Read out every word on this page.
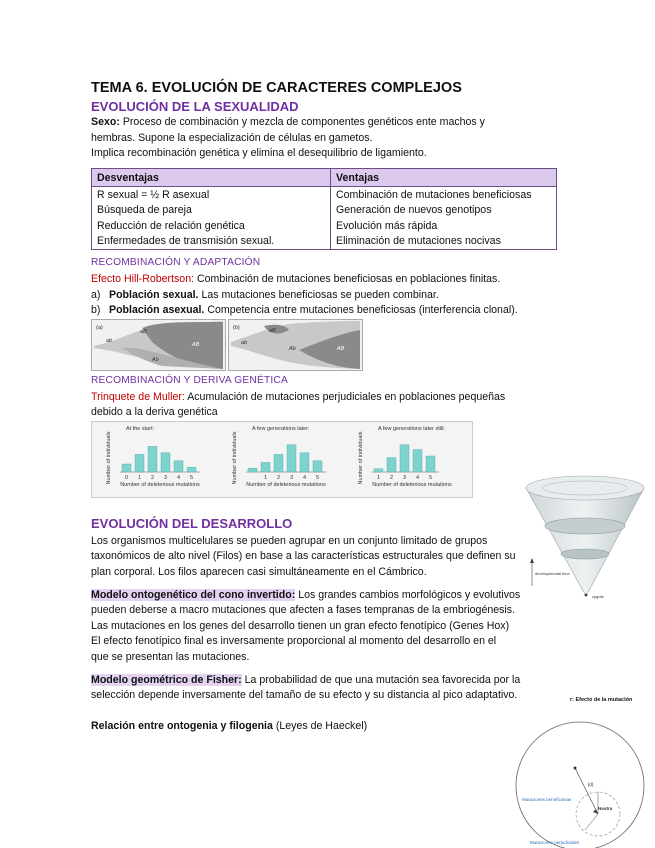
TEMA 6. EVOLUCIÓN DE CARACTERES COMPLEJOS
EVOLUCIÓN DE LA SEXUALIDAD
Sexo: Proceso de combinación y mezcla de componentes genéticos ente machos y
hembras. Supone la especialización de células en gametos.
Implica recombinación genética y elimina el desequilibrio de ligamiento.
Desventajas	Ventajas
R sexual = ½ R asexual	Combinación de mutaciones beneficiosas
Búsqueda de pareja	Generación de nuevos genotipos
Reducción de relación genética	Evolución más rápida
Enfermedades de transmisión sexual.	Eliminación de mutaciones nocivas
RECOMBINACIÓN Y ADAPTACIÓN
Efecto Hill-Robertson: Combinación de mutaciones beneficiosas en poblaciones finitas.
a) Población sexual. Las mutaciones beneficiosas se pueden combinar.
b) Población asexual. Competencia entre mutaciones beneficiosas (interferencia clonal).
(a)
aB
ab
AB
Ab
(b)	aB
ab
Ab	AB
RECOMBINACIÓN Y DERIVA GENÉTICA
Trinquete de Muller: Acumulación de mutaciones perjudiciales en poblaciones pequeñas
debido a la deriva genética
At the start:
Number of individuals 0 1 2 3 4 5
Number of deleterious mutations
A few generations later:
Number of individuals	1 2 3 4 5
Number of deleterious mutations
A few generations later still:
Number of individuals 1 2 3 4 5
Number of deleterious mutations
EVOLUCIÓN DEL DESARROLLO
Los organismos multicelulares se pueden agrupar en un conjunto limitado de grupos
taxonómicos de alto nivel (Filos) en base a las características estructurales que definen su
plan corporal. Los filos aparecen casi simultáneamente en el Cámbrico.
Modelo ontogenético del cono invertido: Los grandes cambios morfológicos y evolutivos
pueden deberse a macro mutaciones que afecten a fases tempranas de la embriogénesis.
Las mutaciones en los genes del desarrollo tienen un gran efecto fenotípico (Genes Hox)
El efecto fenotípico final es inversamente proporcional al momento del desarrollo en el
que se presentan las mutaciones.
Modelo geométrico de Fisher: La probabilidad de que una mutación sea favorecida por la
selección depende inversamente del tamaño de su efecto y su distancia al pico adaptativo.
Relación entre ontogenia y filogenia (Leyes de Haeckel)
developmental time
zygote
r: Efecto de la mutación
[d]
Mutaciones beneficiosas
Neutra
Mutaciones perjudiciales
